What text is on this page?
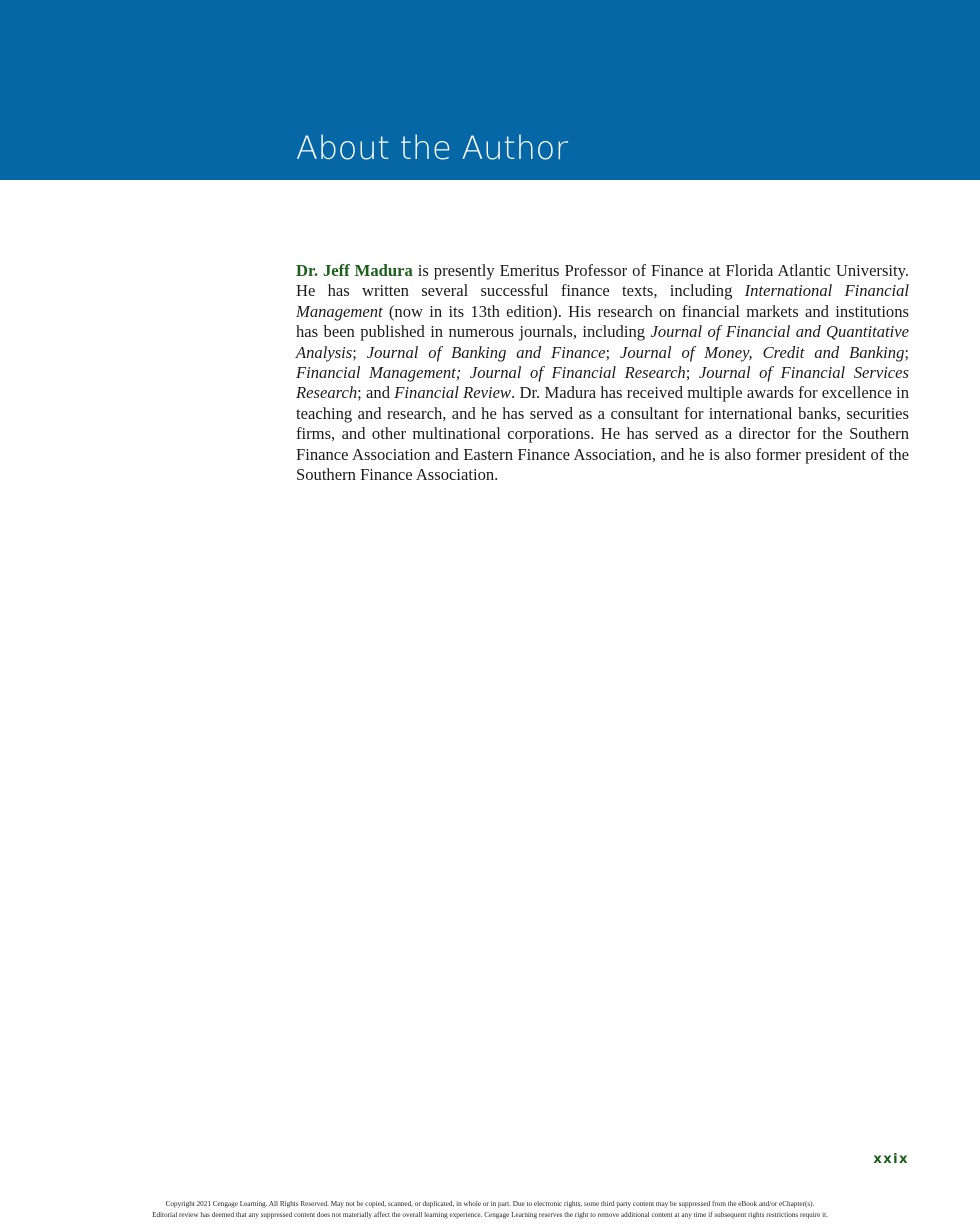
About the Author

Dr. Jeff Madura is presently Emeritus Professor of Finance at Florida Atlantic University. He has written several successful finance texts, including International Financial Management (now in its 13th edition). His research on financial markets and institutions has been published in numerous journals, including Journal of Financial and Quantitative Analysis; Journal of Banking and Finance; Journal of Money, Credit and Banking; Financial Management; Journal of Financial Research; Journal of Financial Services Research; and Financial Review. Dr. Madura has received multiple awards for excellence in teaching and research, and he has served as a consultant for international banks, securities firms, and other multinational corporations. He has served as a director for the Southern Finance Association and Eastern Finance Association, and he is also former president of the Southern Finance Association.

xxix
Copyright 2021 Cengage Learning. All Rights Reserved. May not be copied, scanned, or duplicated, in whole or in part. Due to electronic rights, some third party content may be suppressed from the eBook and/or eChapter(s).
Editorial review has deemed that any suppressed content does not materially affect the overall learning experience. Cengage Learning reserves the right to remove additional content at any time if subsequent rights restrictions require it.
